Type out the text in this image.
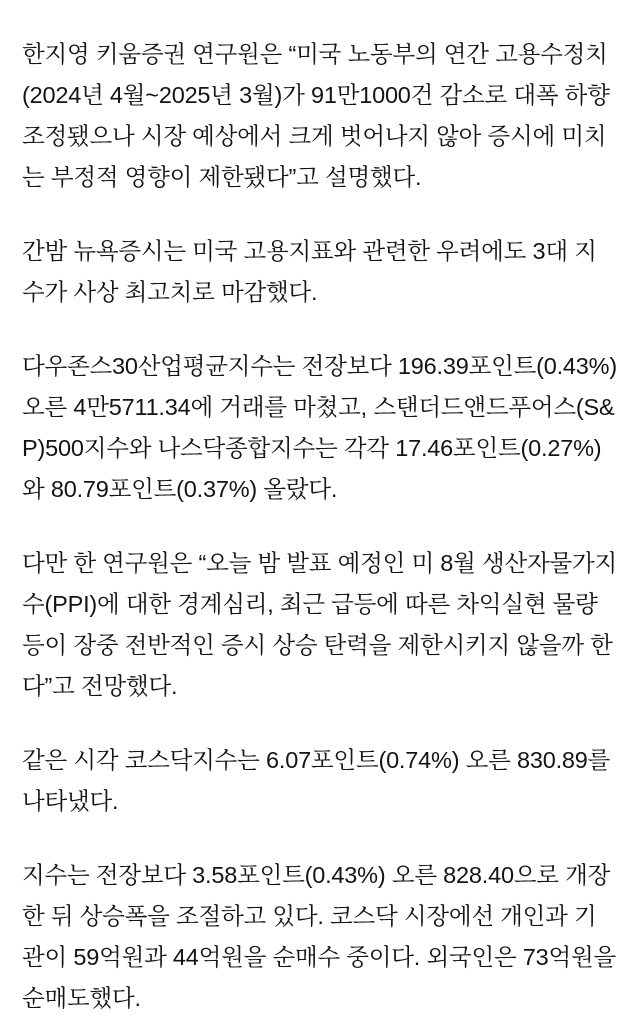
한지영 키움증권 연구원은 “미국 노동부의 연간 고용수정치(2024년 4월~2025년 3월)가 91만1000건 감소로 대폭 하향 조정됐으나 시장 예상에서 크게 벗어나지 않아 증시에 미치는 부정적 영향이 제한됐다”고 설명했다.

간밤 뉴욕증시는 미국 고용지표와 관련한 우려에도 3대 지수가 사상 최고치로 마감했다.

다우존스30산업평균지수는 전장보다 196.39포인트(0.43%) 오른 4만5711.34에 거래를 마쳤고, 스탠더드앤드푸어스(S&P)500지수와 나스닥종합지수는 각각 17.46포인트(0.27%)와 80.79포인트(0.37%) 올랐다.

다만 한 연구원은 “오늘 밤 발표 예정인 미 8월 생산자물가지수(PPI)에 대한 경계심리, 최근 급등에 따른 차익실현 물량 등이 장중 전반적인 증시 상승 탄력을 제한시키지 않을까 한다”고 전망했다.

같은 시각 코스닥지수는 6.07포인트(0.74%) 오른 830.89를 나타냈다.

지수는 전장보다 3.58포인트(0.43%) 오른 828.40으로 개장한 뒤 상승폭을 조절하고 있다. 코스닥 시장에선 개인과 기관이 59억원과 44억원을 순매수 중이다. 외국인은 73억원을 순매도했다.
